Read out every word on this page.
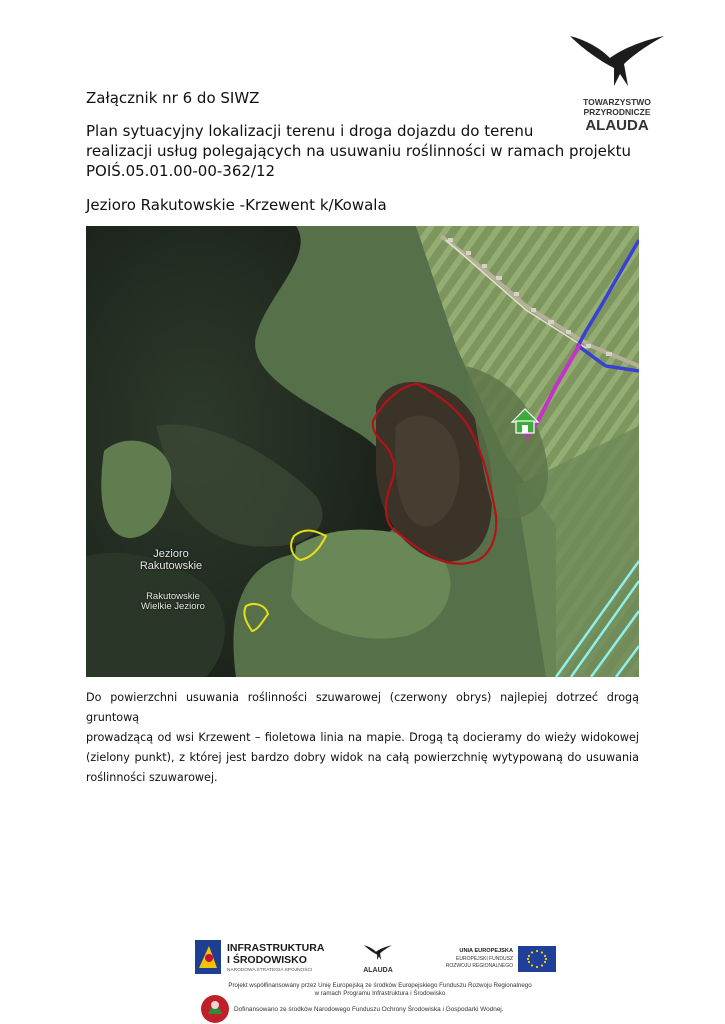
TOWARZYSTWO
PRZYRODNICZE
ALAUDA
Załącznik nr 6 do SIWZ
Plan sytuacyjny lokalizacji terenu i droga dojazdu do terenu
realizacji usług polegających na usuwaniu roślinności w ramach projektu
POIŚ.05.01.00-00-362/12
Jezioro Rakutowskie -Krzewent k/Kowala
Jezioro
Rakutowskie
Rakutowskie
Wielkie Jezioro
Do powierzchni usuwania roślinności szuwarowej (czerwony obrys) najlepiej dotrzeć drogą gruntową
prowadzącą od wsi Krzewent – fioletowa linia na mapie. Drogą tą docieramy do wieży widokowej
(zielony punkt), z której jest bardzo dobry widok na całą powierzchnię wytypowaną do usuwania
roślinności szuwarowej.
INFRASTRUKTURA
I ŚRODOWISKO
NARODOWA STRATEGIA SPÓJNOŚCI	ALAUDA
UNIA EUROPEJSKA
EUROPEJSKI FUNDUSZ
ROZWOJU REGIONALNEGO
Projekt współfinansowany przez Unię Europejską ze środków Europejskiego Funduszu Rozwoju Regionalnego
w ramach Programu Infrastruktura i Środowisko
Dofinansowano ze środków Narodowego Funduszu Ochrony Środowiska i Gospodarki Wodnej.
